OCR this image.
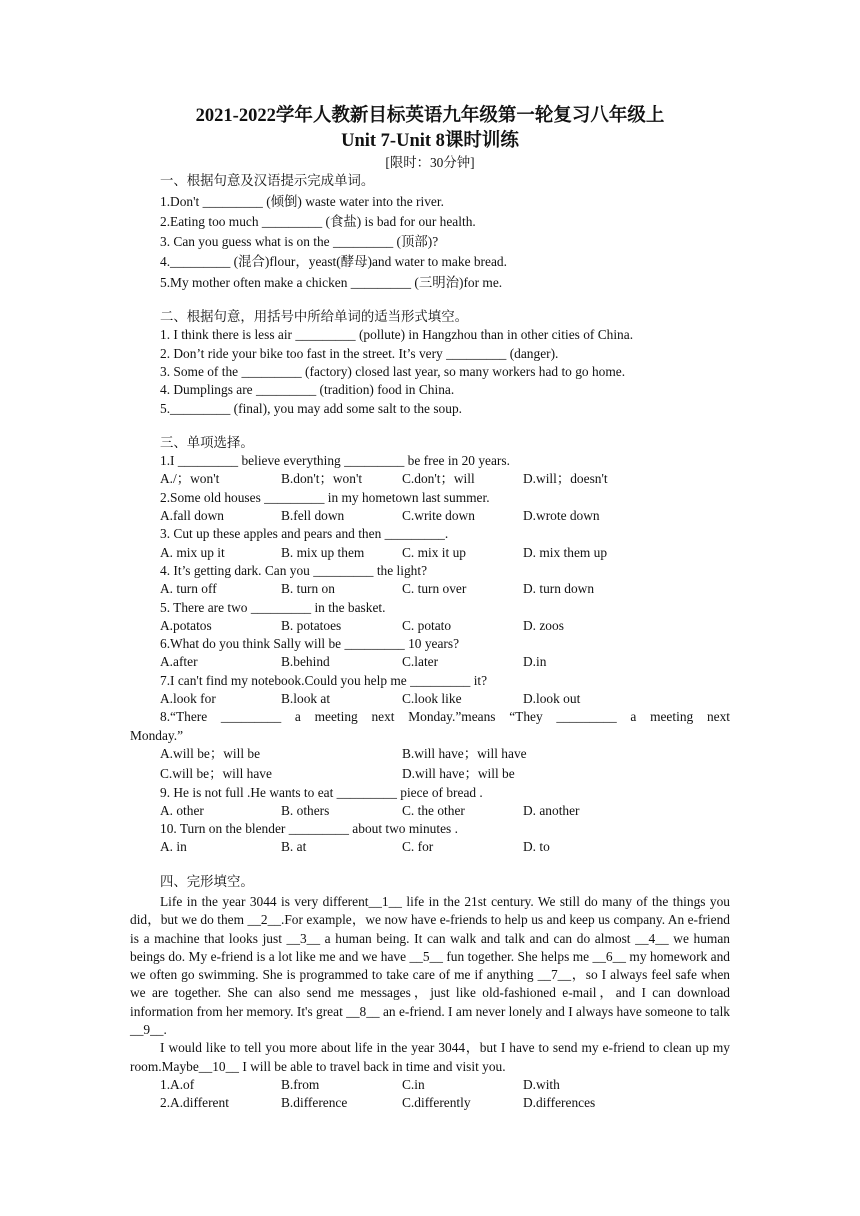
2021-2022学年人教新目标英语九年级第一轮复习八年级上
Unit 7-Unit 8课时训练
[限时：30分钟]
一、根据句意及汉语提示完成单词。
1.Don't _________ (倾倒) waste water into the river.
2.Eating too much _________ (食盐) is bad for our health.
3. Can you guess what is on the _________ (顶部)?
4._________ (混合)flour，yeast(酵母)and water to make bread.
5.My mother often make a chicken _________ (三明治)for me.
二、根据句意，用括号中所给单词的适当形式填空。
1. I think there is less air _________ (pollute) in Hangzhou than in other cities of China.
2. Don’t ride your bike too fast in the street. It’s very _________ (danger).
3. Some of the _________ (factory) closed last year, so many workers had to go home.
4. Dumplings are _________ (tradition) food in China.
5._________ (final), you may add some salt to the soup.
三、单项选择。
1.I _________ believe everything _________ be free in 20 years.
A./；won't	B.don't；won't	C.don't；will	D.will；doesn't
2.Some old houses _________ in my hometown last summer.
A.fall down	B.fell down	C.write down	D.wrote down
3. Cut up these apples and pears and then _________.
A. mix up it	B. mix up them	C. mix it up	D. mix them up
4. It’s getting dark. Can you _________ the light?
A. turn off	B. turn on	C. turn over	D. turn down
5. There are two _________ in the basket.
A.potatos	B. potatoes	C. potato	D. zoos
6.What do you think Sally will be _________ 10 years?
A.after	B.behind	C.later	D.in
7.I can't find my notebook.Could you help me _________ it?
A.look for	B.look at	C.look like	D.look out
8.“There _________ a meeting next Monday.”means “They _________ a meeting next
Monday.”
A.will be；will be	B.will have；will have
C.will be；will have	D.will have；will be
9. He is not full .He wants to eat _________ piece of bread .
A. other	B. others	C. the other	D. another
10. Turn on the blender _________ about two minutes .
A. in	B. at	C. for	D. to
四、完形填空。
Life in the year 3044 is very different__1__ life in the 21st century. We still do many of the things you did，but we do them __2__.For example，we now have e-friends to help us and keep us company. An e-friend is a machine that looks just __3__ a human being. It can walk and talk and can do almost __4__ we human beings do. My e-friend is a lot like me and we have __5__ fun together. She helps me __6__ my homework and we often go swimming. She is programmed to take care of me if anything __7__，so I always feel safe when we are together. She can also send me messages，just like old-fashioned e-mail，and I can download information from her memory. It's great __8__ an e-friend. I am never lonely and I always have someone to talk __9__.
I would like to tell you more about life in the year 3044，but I have to send my e-friend to clean up my room.Maybe__10__ I will be able to travel back in time and visit you.
1.A.of	B.from	C.in	D.with
2.A.different	B.difference	C.differently	D.differences
